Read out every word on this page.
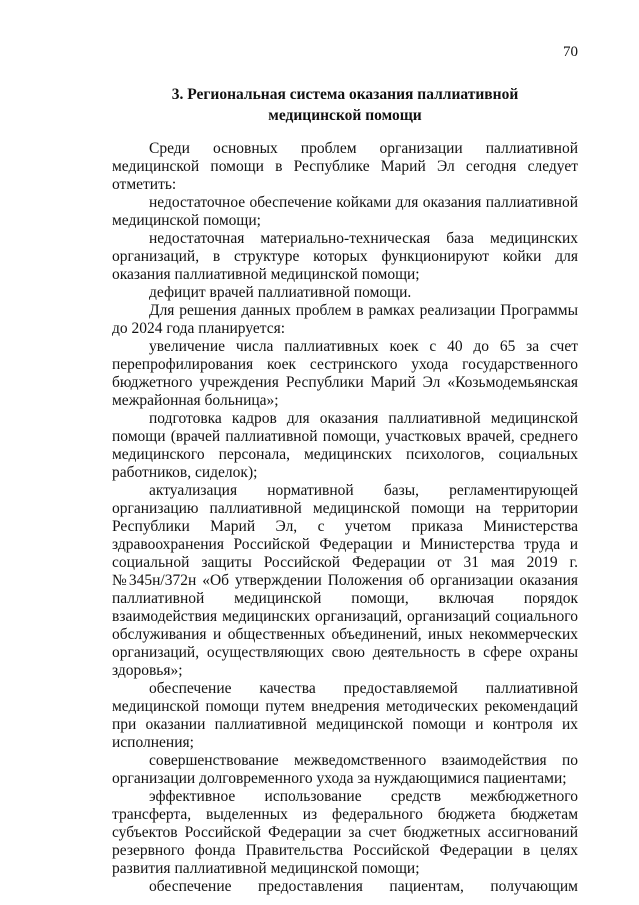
70
3. Региональная система оказания паллиативной
медицинской помощи

Среди основных проблем организации паллиативной медицинской помощи в Республике Марий Эл сегодня следует отметить:

недостаточное обеспечение койками для оказания паллиативной медицинской помощи;

недостаточная материально-техническая база медицинских организаций, в структуре которых функционируют койки для оказания паллиативной медицинской помощи;

дефицит врачей паллиативной помощи.

Для решения данных проблем в рамках реализации Программы до 2024 года планируется:

увеличение числа паллиативных коек с 40 до 65 за счет перепрофилирования коек сестринского ухода государственного бюджетного учреждения Республики Марий Эл «Козьмодемьянская межрайонная больница»;

подготовка кадров для оказания паллиативной медицинской помощи (врачей паллиативной помощи, участковых врачей, среднего медицинского персонала, медицинских психологов, социальных работников, сиделок);

актуализация нормативной базы, регламентирующей организацию паллиативной медицинской помощи на территории Республики Марий Эл, с учетом приказа Министерства здравоохранения Российской Федерации и Министерства труда и социальной защиты Российской Федерации от 31 мая 2019 г. №345н/372н «Об утверждении Положения об организации оказания паллиативной медицинской помощи, включая порядок взаимодействия медицинских организаций, организаций социального обслуживания и общественных объединений, иных некоммерческих организаций, осуществляющих свою деятельность в сфере охраны здоровья»;

обеспечение качества предоставляемой паллиативной медицинской помощи путем внедрения методических рекомендаций при оказании паллиативной медицинской помощи и контроля их исполнения;

совершенствование межведомственного взаимодействия по организации долговременного ухода за нуждающимися пациентами;

эффективное использование средств межбюджетного трансферта, выделенных из федерального бюджета бюджетам субъектов Российской Федерации за счет бюджетных ассигнований резервного фонда Правительства Российской Федерации в целях развития паллиативной медицинской помощи;

обеспечение предоставления пациентам, получающим
